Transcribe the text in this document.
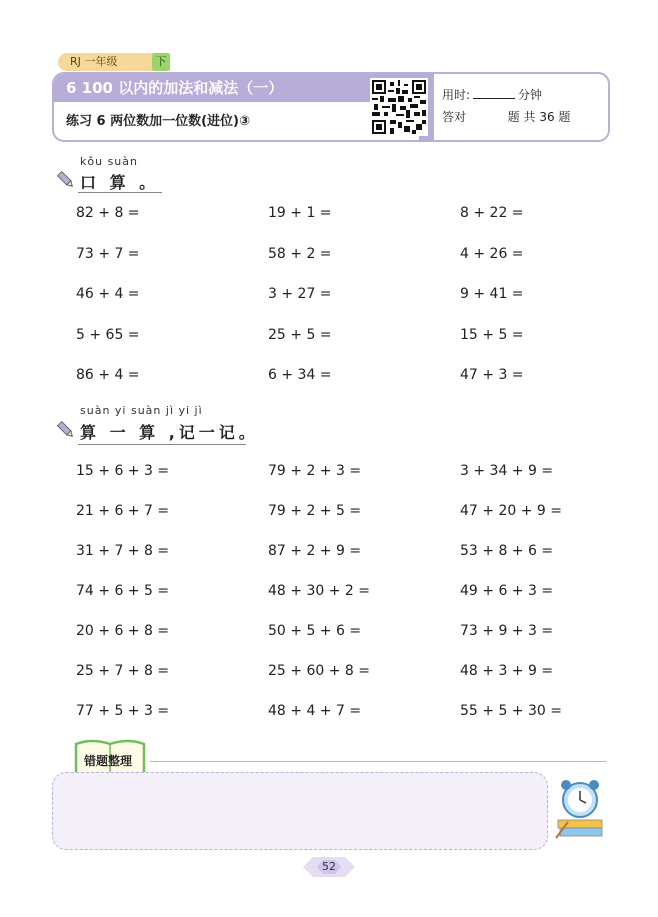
RJ 一年级	下
6 100 以内的加法和减法（一）
练习 6 两位数加一位数(进位)③
用时:	分钟
答对	题 共 36 题
kǒu suàn
口 算 。
82 + 8 =	19 + 1 =	8 + 22 =
73 + 7 =	58 + 2 =	4 + 26 =
46 + 4 =	3 + 27 =	9 + 41 =
5 + 65 =	25 + 5 =	15 + 5 =
86 + 4 =	6 + 34 =	47 + 3 =
suàn yi suàn jì yi jì
算 一 算 ,记一记。
15 + 6 + 3 =	79 + 2 + 3 =	3 + 34 + 9 =
21 + 6 + 7 =	79 + 2 + 5 =	47 + 20 + 9 =
31 + 7 + 8 =	87 + 2 + 9 =	53 + 8 + 6 =
74 + 6 + 5 =	48 + 30 + 2 =	49 + 6 + 3 =
20 + 6 + 8 =	50 + 5 + 6 =	73 + 9 + 3 =
25 + 7 + 8 =	25 + 60 + 8 =	48 + 3 + 9 =
77 + 5 + 3 =	48 + 4 + 7 =	55 + 5 + 30 =
错题整理
52
